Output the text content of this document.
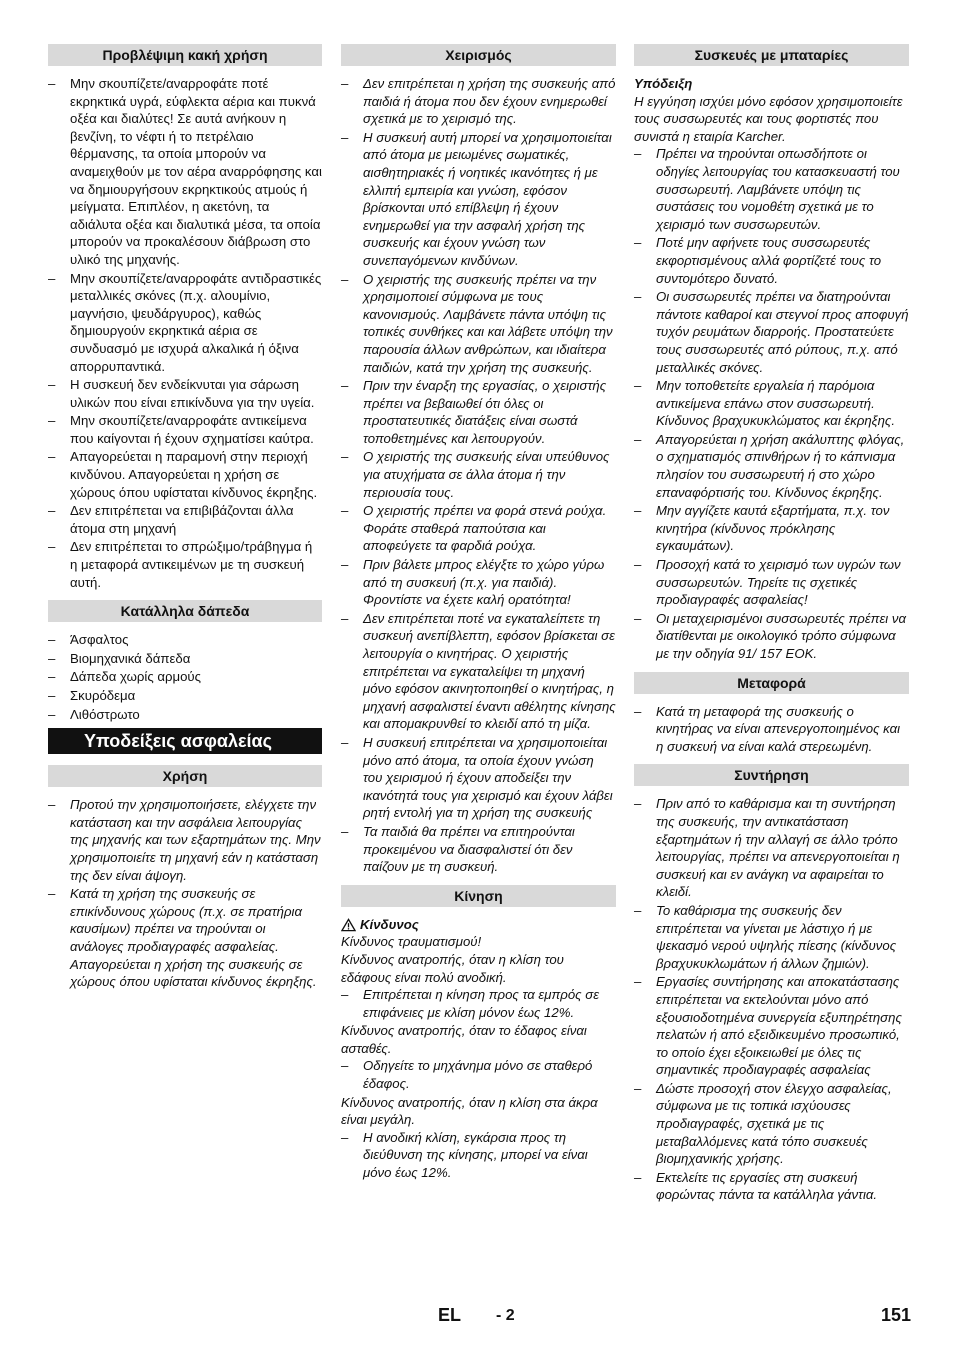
Προβλέψιμη κακή χρήση
– Μην σκουπίζετε/αναρροφάτε ποτέ εκρηκτικά υγρά, εύφλεκτα αέρια και πυκνά οξέα και διαλύτες! Σε αυτά ανήκουν η βενζίνη, το νέφτι ή το πετρέλαιο θέρμανσης, τα οποία μπορούν να αναμειχθούν με τον αέρα αναρρόφησης και να δημιουργήσουν εκρηκτικούς ατμούς ή μείγματα. Επιπλέον, η ακετόνη, τα αδιάλυτα οξέα και διαλυτικά μέσα, τα οποία μπορούν να προκαλέσουν διάβρωση στο υλικό της μηχανής.
– Μην σκουπίζετε/αναρροφάτε αντιδραστικές μεταλλικές σκόνες (π.χ. αλουμίνιο, μαγνήσιο, ψευδάργυρος), καθώς δημιουργούν εκρηκτικά αέρια σε συνδυασμό με ισχυρά αλκαλικά ή όξινα απορρυπαντικά.
– Η συσκευή δεν ενδείκνυται για σάρωση υλικών που είναι επικίνδυνα για την υγεία.
– Μην σκουπίζετε/αναρροφάτε αντικείμενα που καίγονται ή έχουν σχηματίσει καύτρα.
– Απαγορεύεται η παραμονή στην περιοχή κινδύνου. Απαγορεύεται η χρήση σε χώρους όπου υφίσταται κίνδυνος έκρηξης.
– Δεν επιτρέπεται να επιβιβάζονται άλλα άτομα στη μηχανή
– Δεν επιτρέπεται το σπρώξιμο/τράβηγμα ή η μεταφορά αντικειμένων με τη συσκευή αυτή.
Κατάλληλα δάπεδα
– Άσφαλτος
– Βιομηχανικά δάπεδα
– Δάπεδα χωρίς αρμούς
– Σκυρόδεμα
– Λιθόστρωτο
Υποδείξεις ασφαλείας
Χρήση
– Προτού την χρησιμοποιήσετε, ελέγχετε την κατάσταση και την ασφάλεια λειτουργίας της μηχανής και των εξαρτημάτων της. Μην χρησιμοποιείτε τη μηχανή εάν η κατάσταση της δεν είναι άψογη.
– Κατά τη χρήση της συσκευής σε επικίνδυνους χώρους (π.χ. σε πρατήρια καυσίμων) πρέπει να τηρούνται οι ανάλογες προδιαγραφές ασφαλείας. Απαγορεύεται η χρήση της συσκευής σε χώρους όπου υφίσταται κίνδυνος έκρηξης.
Χειρισμός
– Δεν επιτρέπεται η χρήση της συσκευής από παιδιά ή άτομα που δεν έχουν ενημερωθεί σχετικά με το χειρισμό της.
– Η συσκευή αυτή μπορεί να χρησιμοποιείται από άτομα με μειωμένες σωματικές, αισθητηριακές ή νοητικές ικανότητες ή με ελλιπή εμπειρία και γνώση, εφόσον βρίσκονται υπό επίβλεψη ή έχουν ενημερωθεί για την ασφαλή χρήση της συσκευής και έχουν γνώση των συνεπαγόμενων κινδύνων.
– Ο χειριστής της συσκευής πρέπει να την χρησιμοποιεί σύμφωνα με τους κανονισμούς. Λαμβάνετε πάντα υπόψη τις τοπικές συνθήκες και και λάβετε υπόψη την παρουσία άλλων ανθρώπων, και ιδιαίτερα παιδιών, κατά την χρήση της συσκευής.
– Πριν την έναρξη της εργασίας, ο χειριστής πρέπει να βεβαιωθεί ότι όλες οι προστατευτικές διατάξεις είναι σωστά τοποθετημένες και λειτουργούν.
– Ο χειριστής της συσκευής είναι υπεύθυνος για ατυχήματα σε άλλα άτομα ή την περιουσία τους.
– Ο χειριστής πρέπει να φορά στενά ρούχα. Φοράτε σταθερά παπούτσια και αποφεύγετε τα φαρδιά ρούχα.
– Πριν βάλετε μπρος ελέγξτε το χώρο γύρω από τη συσκευή (π.χ. για παιδιά). Φροντίστε να έχετε καλή ορατότητα!
– Δεν επιτρέπεται ποτέ να εγκαταλείπετε τη συσκευή ανεπίβλεπτη, εφόσον βρίσκεται σε λειτουργία ο κινητήρας. Ο χειριστής επιτρέπεται να εγκαταλείψει τη μηχανή μόνο εφόσον ακινητοποιηθεί ο κινητήρας, η μηχανή ασφαλιστεί έναντι αθέλητης κίνησης και απομακρυνθεί το κλειδί από τη μίζα.
– Η συσκευή επιτρέπεται να χρησιμοποιείται μόνο από άτομα, τα οποία έχουν γνώση του χειρισμού ή έχουν αποδείξει την ικανότητά τους για χειρισμό και έχουν λάβει ρητή εντολή για τη χρήση της συσκευής
– Τα παιδιά θα πρέπει να επιτηρούνται προκειμένου να διασφαλιστεί ότι δεν παίζουν με τη συσκευή.
Κίνηση
Κίνδυνος

Κίνδυνος τραυματισμού!

Κίνδυνος ανατροπής, όταν η κλίση του εδάφους είναι πολύ ανοδική.

– Επιτρέπεται η κίνηση προς τα εμπρός σε επιφάνειες με κλίση μόνον έως 12%.

Κίνδυνος ανατροπής, όταν το έδαφος είναι ασταθές.

– Οδηγείτε το μηχάνημα μόνο σε σταθερό έδαφος.

Κίνδυνος ανατροπής, όταν η κλίση στα άκρα είναι μεγάλη.

– Η ανοδική κλίση, εγκάρσια προς τη διεύθυνση της κίνησης, μπορεί να είναι μόνο έως 12%.
Συσκευές με μπαταρίες

Υπόδειξη

Η εγγύηση ισχύει μόνο εφόσον χρησιμοποιείτε τους συσσωρευτές και τους φορτιστές που συνιστά η εταιρία Karcher.

– Πρέπει να τηρούνται οπωσδήποτε οι οδηγίες λειτουργίας του κατασκευαστή του συσσωρευτή. Λαμβάνετε υπόψη τις συστάσεις του νομοθέτη σχετικά με το χειρισμό των συσσωρευτών.
– Ποτέ μην αφήνετε τους συσσωρευτές εκφορτισμένους αλλά φορτίζετέ τους το συντομότερο δυνατό.
– Οι συσσωρευτές πρέπει να διατηρούνται πάντοτε καθαροί και στεγνοί προς αποφυγή τυχόν ρευμάτων διαρροής. Προστατεύετε τους συσσωρευτές από ρύπους, π.χ. από μεταλλικές σκόνες.
– Μην τοποθετείτε εργαλεία ή παρόμοια αντικείμενα επάνω στον συσσωρευτή. Κίνδυνος βραχυκυκλώματος και έκρηξης.
– Απαγορεύεται η χρήση ακάλυπτης φλόγας, ο σχηματισμός σπινθήρων ή το κάπνισμα πλησίον του συσσωρευτή ή στο χώρο επαναφόρτισής του. Κίνδυνος έκρηξης.
– Μην αγγίζετε καυτά εξαρτήματα, π.χ. τον κινητήρα (κίνδυνος πρόκλησης εγκαυμάτων).
– Προσοχή κατά το χειρισμό των υγρών των συσσωρευτών. Τηρείτε τις σχετικές προδιαγραφές ασφαλείας!
– Οι μεταχειρισμένοι συσσωρευτές πρέπει να διατίθενται με οικολογικό τρόπο σύμφωνα με την οδηγία 91/ 157 ΕΟΚ.
Μεταφορά
– Κατά τη μεταφορά της συσκευής ο κινητήρας να είναι απενεργοποιημένος και η συσκευή να είναι καλά στερεωμένη.
Συντήρηση
– Πριν από το καθάρισμα και τη συντήρηση της συσκευής, την αντικατάσταση εξαρτημάτων ή την αλλαγή σε άλλο τρόπο λειτουργίας, πρέπει να απενεργοποιείται η συσκευή και εν ανάγκη να αφαιρείται το κλειδί.
– Το καθάρισμα της συσκευής δεν επιτρέπεται να γίνεται με λάστιχο ή με ψεκασμό νερού υψηλής πίεσης (κίνδυνος βραχυκυκλωμάτων ή άλλων ζημιών).
– Εργασίες συντήρησης και αποκατάστασης επιτρέπεται να εκτελούνται μόνο από εξουσιοδοτημένα συνεργεία εξυπηρέτησης πελατών ή από εξειδικευμένο προσωπικό, το οποίο έχει εξοικειωθεί με όλες τις σημαντικές προδιαγραφές ασφαλείας
– Δώστε προσοχή στον έλεγχο ασφαλείας, σύμφωνα με τις τοπικά ισχύουσες προδιαγραφές, σχετικά με τις μεταβαλλόμενες κατά τόπο συσκευές βιομηχανικής χρήσης.
– Εκτελείτε τις εργασίες στη συσκευή φορώντας πάντα τα κατάλληλα γάντια.
EL - 2	151
